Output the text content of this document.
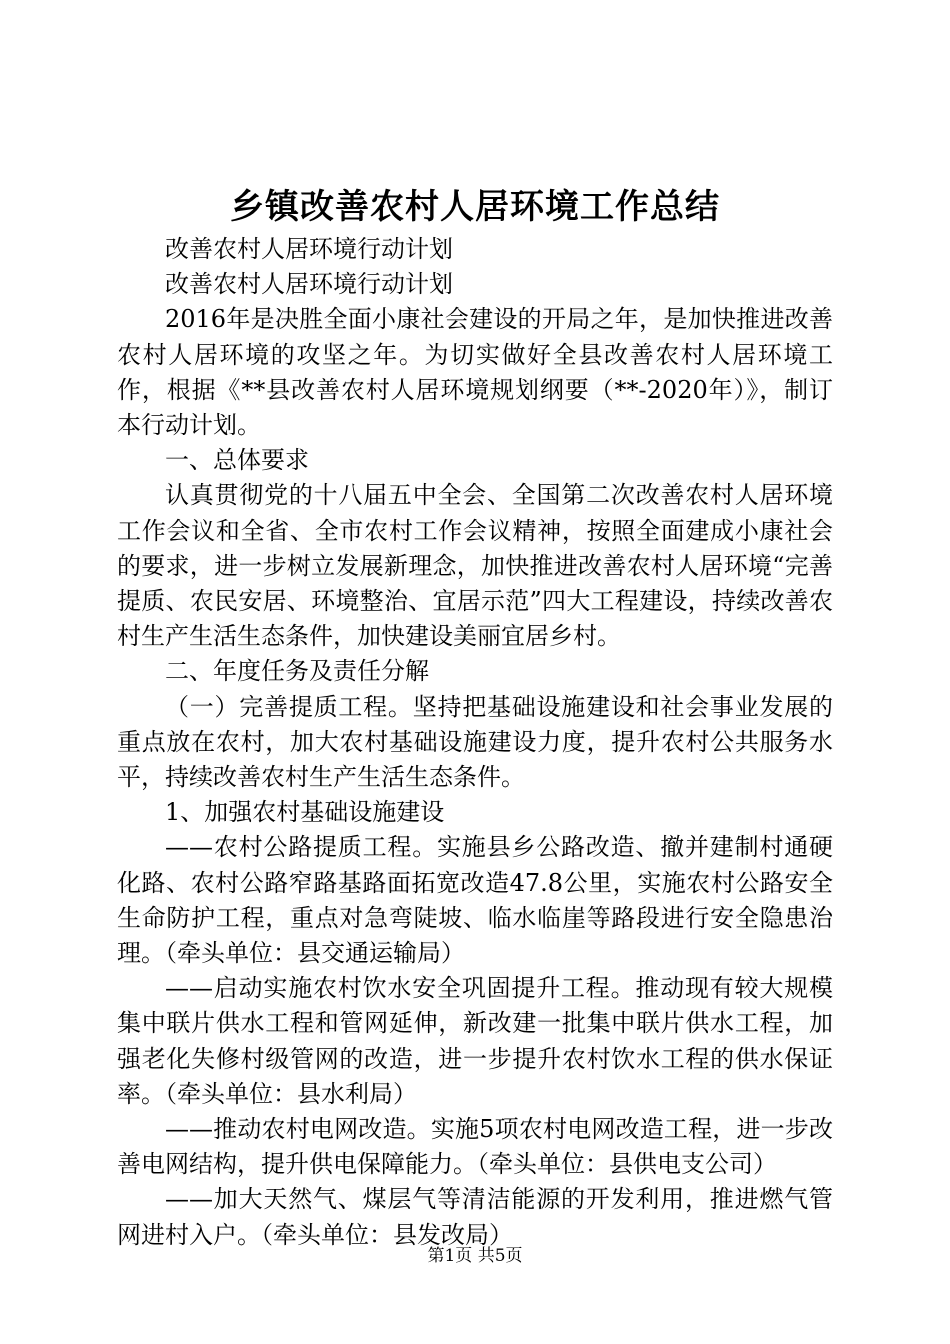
乡镇改善农村人居环境工作总结

改善农村人居环境行动计划

改善农村人居环境行动计划

2016年是决胜全面小康社会建设的开局之年，是加快推进改善农村人居环境的攻坚之年。为切实做好全县改善农村人居环境工作，根据《**县改善农村人居环境规划纲要（**-2020年）》，制订本行动计划。

一、总体要求

认真贯彻党的十八届五中全会、全国第二次改善农村人居环境工作会议和全省、全市农村工作会议精神，按照全面建成小康社会的要求，进一步树立发展新理念，加快推进改善农村人居环境“完善提质、农民安居、环境整治、宜居示范”四大工程建设，持续改善农村生产生活生态条件，加快建设美丽宜居乡村。

二、年度任务及责任分解

（一）完善提质工程。坚持把基础设施建设和社会事业发展的重点放在农村，加大农村基础设施建设力度，提升农村公共服务水平，持续改善农村生产生活生态条件。

1、加强农村基础设施建设

——农村公路提质工程。实施县乡公路改造、撤并建制村通硬化路、农村公路窄路基路面拓宽改造47.8公里，实施农村公路安全生命防护工程，重点对急弯陡坡、临水临崖等路段进行安全隐患治理。（牵头单位：县交通运输局）

——启动实施农村饮水安全巩固提升工程。推动现有较大规模集中联片供水工程和管网延伸，新改建一批集中联片供水工程，加强老化失修村级管网的改造，进一步提升农村饮水工程的供水保证率。（牵头单位：县水利局）

——推动农村电网改造。实施5项农村电网改造工程，进一步改善电网结构，提升供电保障能力。（牵头单位：县供电支公司）

——加大天然气、煤层气等清洁能源的开发利用，推进燃气管网进村入户。（牵头单位：县发改局）

第1页 共5页
